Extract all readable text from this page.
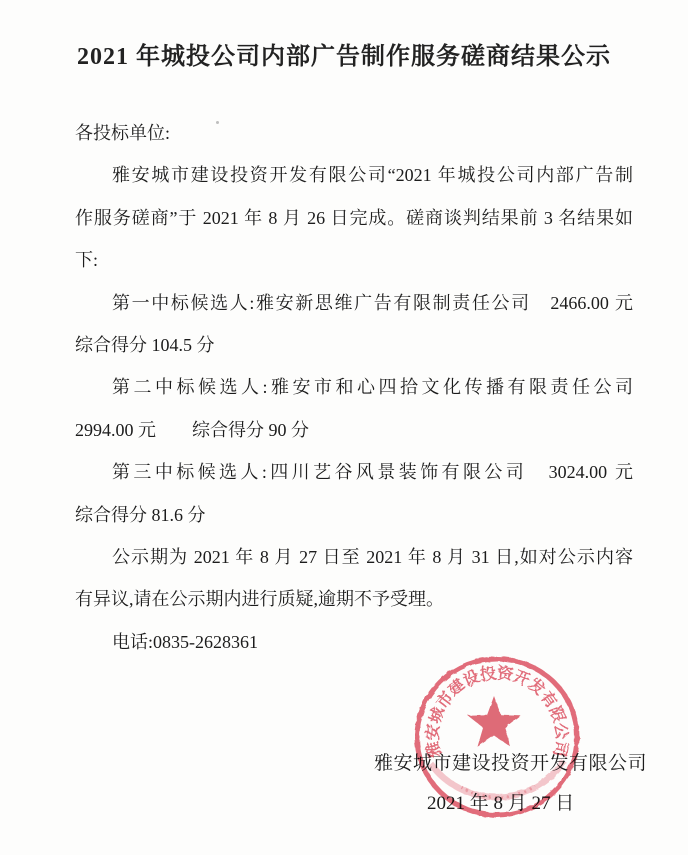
2021 年城投公司内部广告制作服务磋商结果公示
各投标单位:
雅安城市建设投资开发有限公司“2021 年城投公司内部广告制
作服务磋商”于 2021 年 8 月 26 日完成。磋商谈判结果前 3 名结果如
下:
第一中标候选人:雅安新思维广告有限制责任公司　2466.00 元
综合得分 104.5 分
第二中标候选人:雅安市和心四拾文化传播有限责任公司
2994.00 元　　综合得分 90 分
第三中标候选人:四川艺谷风景装饰有限公司　3024.00 元
综合得分 81.6 分
公示期为 2021 年 8 月 27 日至 2021 年 8 月 31 日,如对公示内容
有异议,请在公示期内进行质疑,逾期不予受理。
电话:0835-2628361
雅安城市建设投资开发有限公司
2021 年 8 月 27 日
雅安城市建设投资开发有限公司
